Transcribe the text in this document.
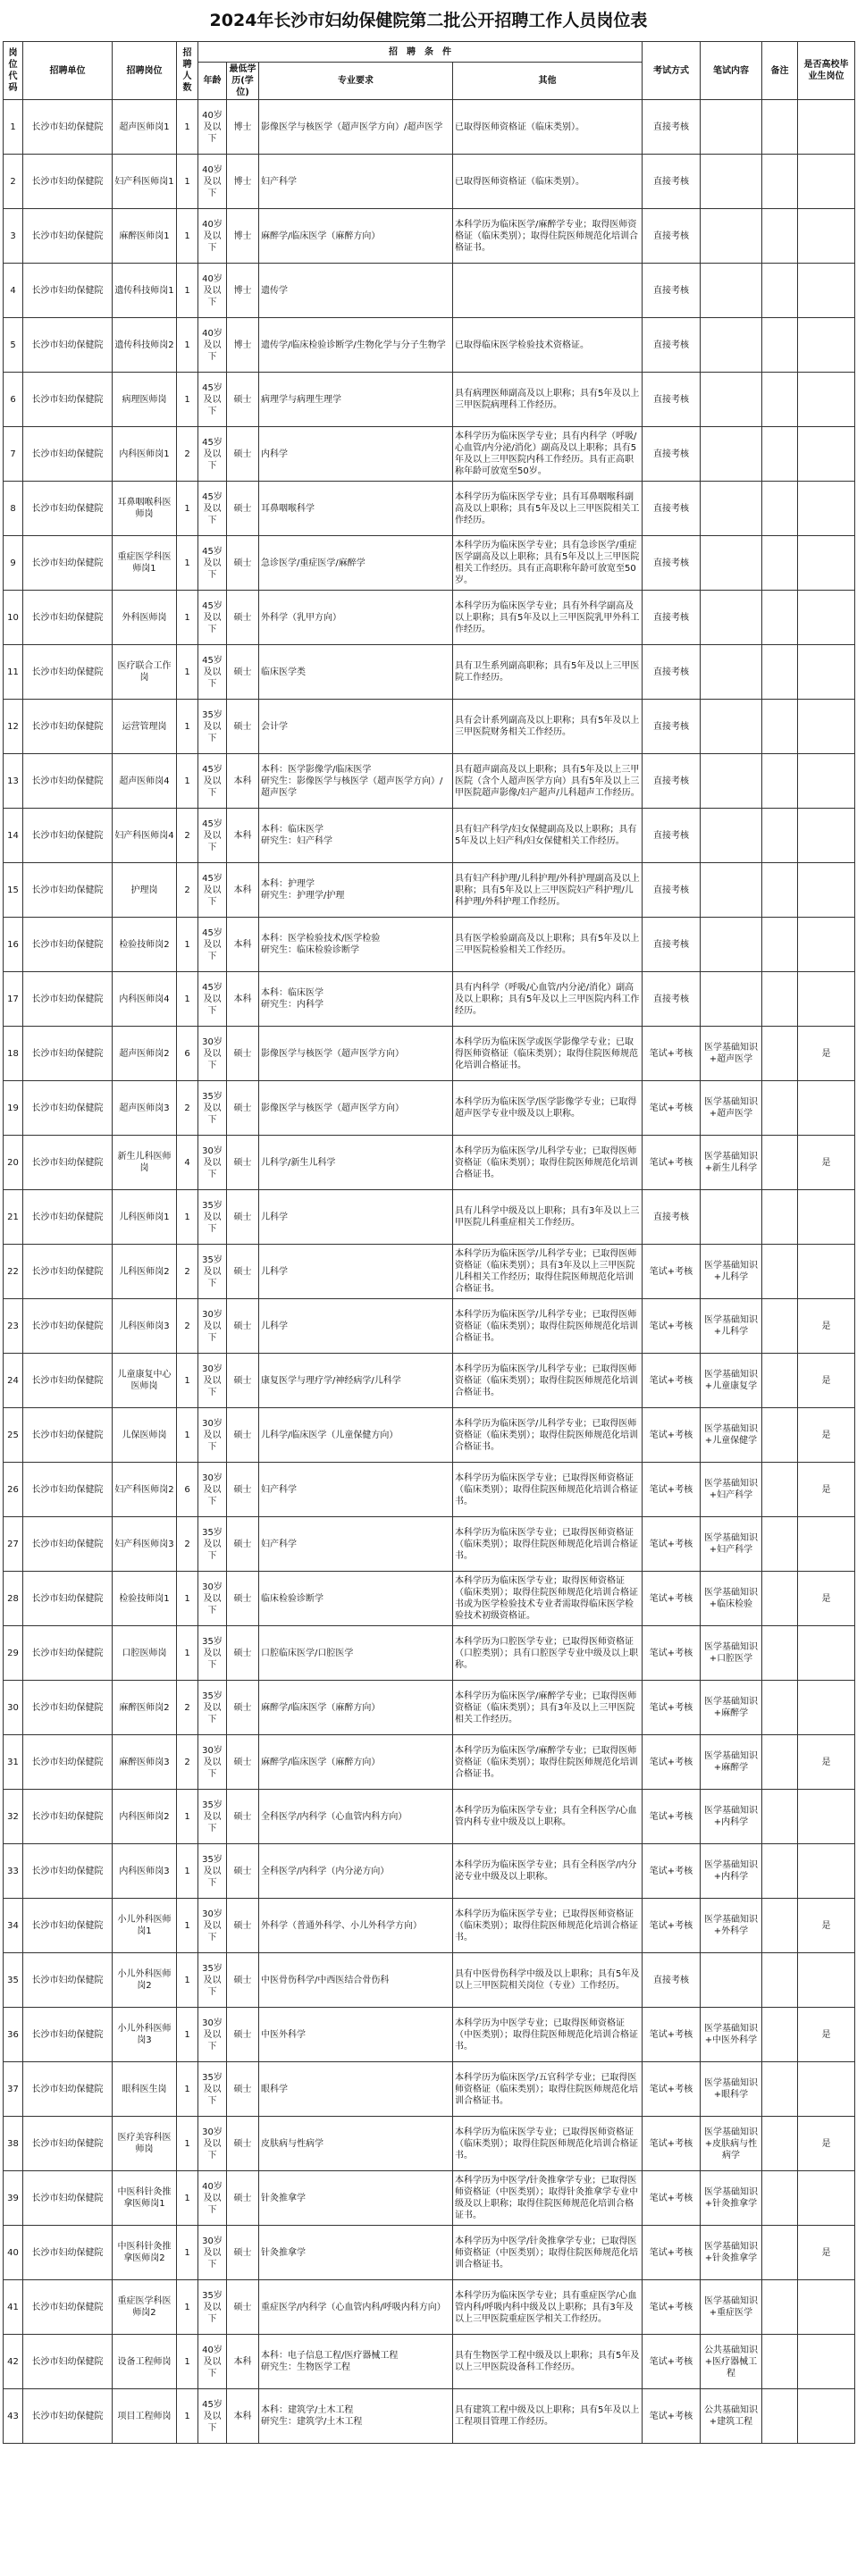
2024年长沙市妇幼保健院第二批公开招聘工作人员岗位表
岗位代码	招聘单位	招聘岗位	招聘人数	招　聘　条　件				考试方式	笔试内容	备注	是否高校毕业生岗位
				年龄	最低学历(学位)	专业要求	其他				
1	长沙市妇幼保健院	超声医师岗1	1	40岁及以下	博士	影像医学与核医学（超声医学方向）/超声医学	已取得医师资格证（临床类别）。	直接考核			
2	长沙市妇幼保健院	妇产科医师岗1	1	40岁及以下	博士	妇产科学	已取得医师资格证（临床类别）。	直接考核			
3	长沙市妇幼保健院	麻醉医师岗1	1	40岁及以下	博士	麻醉学/临床医学（麻醉方向）	本科学历为临床医学/麻醉学专业；取得医师资格证（临床类别）；取得住院医师规范化培训合格证书。	直接考核			
4	长沙市妇幼保健院	遗传科技师岗1	1	40岁及以下	博士	遗传学		直接考核			
5	长沙市妇幼保健院	遗传科技师岗2	1	40岁及以下	博士	遗传学/临床检验诊断学/生物化学与分子生物学	已取得临床医学检验技术资格证。	直接考核			
6	长沙市妇幼保健院	病理医师岗	1	45岁及以下	硕士	病理学与病理生理学	具有病理医师副高及以上职称；具有5年及以上三甲医院病理科工作经历。	直接考核			
7	长沙市妇幼保健院	内科医师岗1	2	45岁及以下	硕士	内科学	本科学历为临床医学专业；具有内科学（呼吸/心血管/内分泌/消化）副高及以上职称；具有5年及以上三甲医院内科工作经历。具有正高职称年龄可放宽至50岁。	直接考核			
8	长沙市妇幼保健院	耳鼻咽喉科医师岗	1	45岁及以下	硕士	耳鼻咽喉科学	本科学历为临床医学专业；具有耳鼻咽喉科副高及以上职称；具有5年及以上三甲医院相关工作经历。	直接考核			
9	长沙市妇幼保健院	重症医学科医师岗1	1	45岁及以下	硕士	急诊医学/重症医学/麻醉学	本科学历为临床医学专业；具有急诊医学/重症医学副高及以上职称；具有5年及以上三甲医院相关工作经历。具有正高职称年龄可放宽至50岁。	直接考核			
10	长沙市妇幼保健院	外科医师岗	1	45岁及以下	硕士	外科学（乳甲方向）	本科学历为临床医学专业；具有外科学副高及以上职称；具有5年及以上三甲医院乳甲外科工作经历。	直接考核			
11	长沙市妇幼保健院	医疗联合工作岗	1	45岁及以下	硕士	临床医学类	具有卫生系列副高职称；具有5年及以上三甲医院工作经历。	直接考核			
12	长沙市妇幼保健院	运营管理岗	1	35岁及以下	硕士	会计学	具有会计系列副高及以上职称；具有5年及以上三甲医院财务相关工作经历。	直接考核			
13	长沙市妇幼保健院	超声医师岗4	1	45岁及以下	本科	本科：医学影像学/临床医学
研究生：影像医学与核医学（超声医学方向）/超声医学	具有超声副高及以上职称；具有5年及以上三甲医院（含个人超声医学方向）具有5年及以上三甲医院超声影像/妇产超声/儿科超声工作经历。	直接考核			
14	长沙市妇幼保健院	妇产科医师岗4	2	45岁及以下	本科	本科：临床医学
研究生：妇产科学	具有妇产科学/妇女保健副高及以上职称；具有5年及以上妇产科/妇女保健相关工作经历。	直接考核			
15	长沙市妇幼保健院	护理岗	2	45岁及以下	本科	本科：护理学
研究生：护理学/护理	具有妇产科护理/儿科护理/外科护理副高及以上职称；具有5年及以上三甲医院妇产科护理/儿科护理/外科护理工作经历。	直接考核			
16	长沙市妇幼保健院	检验技师岗2	1	45岁及以下	本科	本科：医学检验技术/医学检验
研究生：临床检验诊断学	具有医学检验副高及以上职称；具有5年及以上三甲医院检验相关工作经历。	直接考核			
17	长沙市妇幼保健院	内科医师岗4	1	45岁及以下	本科	本科：临床医学
研究生：内科学	具有内科学（呼吸/心血管/内分泌/消化）副高及以上职称；具有5年及以上三甲医院内科工作经历。	直接考核			
18	长沙市妇幼保健院	超声医师岗2	6	30岁及以下	硕士	影像医学与核医学（超声医学方向）	本科学历为临床医学或医学影像学专业；已取得医师资格证（临床类别）；取得住院医师规范化培训合格证书。	笔试+考核	医学基础知识+超声医学		是
19	长沙市妇幼保健院	超声医师岗3	2	35岁及以下	硕士	影像医学与核医学（超声医学方向）	本科学历为临床医学/医学影像学专业；已取得超声医学专业中级及以上职称。	笔试+考核	医学基础知识+超声医学		
20	长沙市妇幼保健院	新生儿科医师岗	4	30岁及以下	硕士	儿科学/新生儿科学	本科学历为临床医学/儿科学专业；已取得医师资格证（临床类别）；取得住院医师规范化培训合格证书。	笔试+考核	医学基础知识+新生儿科学		是
21	长沙市妇幼保健院	儿科医师岗1	1	35岁及以下	硕士	儿科学	具有儿科学中级及以上职称；具有3年及以上三甲医院儿科重症相关工作经历。	直接考核			
22	长沙市妇幼保健院	儿科医师岗2	2	35岁及以下	硕士	儿科学	本科学历为临床医学/儿科学专业；已取得医师资格证（临床类别）；具有3年及以上三甲医院儿科相关工作经历；取得住院医师规范化培训合格证书。	笔试+考核	医学基础知识+儿科学		
23	长沙市妇幼保健院	儿科医师岗3	2	30岁及以下	硕士	儿科学	本科学历为临床医学/儿科学专业；已取得医师资格证（临床类别）；取得住院医师规范化培训合格证书。	笔试+考核	医学基础知识+儿科学		是
24	长沙市妇幼保健院	儿童康复中心医师岗	1	30岁及以下	硕士	康复医学与理疗学/神经病学/儿科学	本科学历为临床医学/儿科学专业；已取得医师资格证（临床类别）；取得住院医师规范化培训合格证书。	笔试+考核	医学基础知识+儿童康复学		是
25	长沙市妇幼保健院	儿保医师岗	1	30岁及以下	硕士	儿科学/临床医学（儿童保健方向）	本科学历为临床医学/儿科学专业；已取得医师资格证（临床类别）；取得住院医师规范化培训合格证书。	笔试+考核	医学基础知识+儿童保健学		是
26	长沙市妇幼保健院	妇产科医师岗2	6	30岁及以下	硕士	妇产科学	本科学历为临床医学专业；已取得医师资格证（临床类别）；取得住院医师规范化培训合格证书。	笔试+考核	医学基础知识+妇产科学		是
27	长沙市妇幼保健院	妇产科医师岗3	2	35岁及以下	硕士	妇产科学	本科学历为临床医学专业；已取得医师资格证（临床类别）；取得住院医师规范化培训合格证书。	笔试+考核	医学基础知识+妇产科学		
28	长沙市妇幼保健院	检验技师岗1	1	30岁及以下	硕士	临床检验诊断学	本科学历为临床医学专业；取得医师资格证（临床类别）；取得住院医师规范化培训合格证书或为医学检验技术专业者需取得临床医学检验技术初级资格证。	笔试+考核	医学基础知识+临床检验		是
29	长沙市妇幼保健院	口腔医师岗	1	35岁及以下	硕士	口腔临床医学/口腔医学	本科学历为口腔医学专业；已取得医师资格证（口腔类别）；具有口腔医学专业中级及以上职称。	笔试+考核	医学基础知识+口腔医学		
30	长沙市妇幼保健院	麻醉医师岗2	2	35岁及以下	硕士	麻醉学/临床医学（麻醉方向）	本科学历为临床医学/麻醉学专业；已取得医师资格证（临床类别）；具有3年及以上三甲医院相关工作经历。	笔试+考核	医学基础知识+麻醉学		
31	长沙市妇幼保健院	麻醉医师岗3	2	30岁及以下	硕士	麻醉学/临床医学（麻醉方向）	本科学历为临床医学/麻醉学专业；已取得医师资格证（临床类别）；取得住院医师规范化培训合格证书。	笔试+考核	医学基础知识+麻醉学		是
32	长沙市妇幼保健院	内科医师岗2	1	35岁及以下	硕士	全科医学/内科学（心血管内科方向）	本科学历为临床医学专业；具有全科医学/心血管内科专业中级及以上职称。	笔试+考核	医学基础知识+内科学		
33	长沙市妇幼保健院	内科医师岗3	1	35岁及以下	硕士	全科医学/内科学（内分泌方向）	本科学历为临床医学专业；具有全科医学/内分泌专业中级及以上职称。	笔试+考核	医学基础知识+内科学		
34	长沙市妇幼保健院	小儿外科医师岗1	1	30岁及以下	硕士	外科学（普通外科学、小儿外科学方向）	本科学历为临床医学专业；已取得医师资格证（临床类别）；取得住院医师规范化培训合格证书。	笔试+考核	医学基础知识+外科学		是
35	长沙市妇幼保健院	小儿外科医师岗2	1	35岁及以下	硕士	中医骨伤科学/中西医结合骨伤科	具有中医骨伤科学中级及以上职称；具有5年及以上三甲医院相关岗位（专业）工作经历。	直接考核			
36	长沙市妇幼保健院	小儿外科医师岗3	1	30岁及以下	硕士	中医外科学	本科学历为中医学专业；已取得医师资格证（中医类别）；取得住院医师规范化培训合格证书。	笔试+考核	医学基础知识+中医外科学		是
37	长沙市妇幼保健院	眼科医生岗	1	35岁及以下	硕士	眼科学	本科学历为临床医学/五官科学专业；已取得医师资格证（临床类别）；取得住院医师规范化培训合格证书。	笔试+考核	医学基础知识+眼科学		
38	长沙市妇幼保健院	医疗美容科医师岗	1	30岁及以下	硕士	皮肤病与性病学	本科学历为临床医学专业；已取得医师资格证（临床类别）；取得住院医师规范化培训合格证书。	笔试+考核	医学基础知识+皮肤病与性病学		是
39	长沙市妇幼保健院	中医科针灸推拿医师岗1	1	40岁及以下	硕士	针灸推拿学	本科学历为中医学/针灸推拿学专业；已取得医师资格证（中医类别）；取得针灸推拿学专业中级及以上职称；取得住院医师规范化培训合格证书。	笔试+考核	医学基础知识+针灸推拿学		
40	长沙市妇幼保健院	中医科针灸推拿医师岗2	1	30岁及以下	硕士	针灸推拿学	本科学历为中医学/针灸推拿学专业；已取得医师资格证（中医类别）；取得住院医师规范化培训合格证书。	笔试+考核	医学基础知识+针灸推拿学		是
41	长沙市妇幼保健院	重症医学科医师岗2	1	35岁及以下	硕士	重症医学/内科学（心血管内科/呼吸内科方向）	本科学历为临床医学专业；具有重症医学/心血管内科/呼吸内科中级及以上职称；具有3年及以上三甲医院重症医学相关工作经历。	笔试+考核	医学基础知识+重症医学		
42	长沙市妇幼保健院	设备工程师岗	1	40岁及以下	本科	本科：电子信息工程/医疗器械工程
研究生：生物医学工程	具有生物医学工程中级及以上职称；具有5年及以上三甲医院设备科工作经历。	笔试+考核	公共基础知识+医疗器械工程		
43	长沙市妇幼保健院	项目工程师岗	1	45岁及以下	本科	本科：建筑学/土木工程
研究生：建筑学/土木工程	具有建筑工程中级及以上职称；具有5年及以上工程项目管理工作经历。	笔试+考核	公共基础知识+建筑工程		
